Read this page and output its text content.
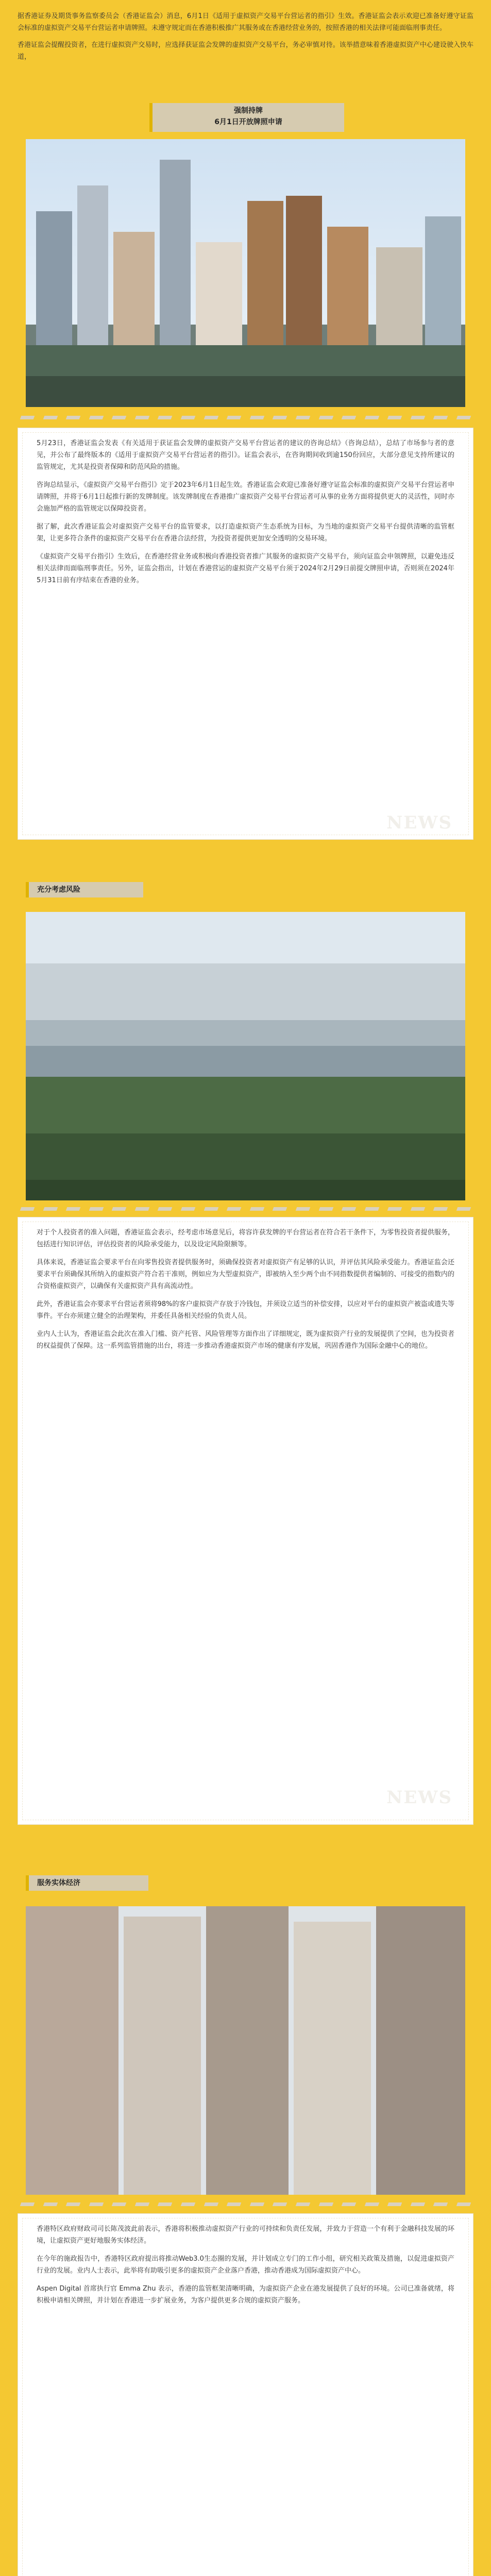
据香港证券及期货事务监察委员会（香港证监会）消息，6月1日《适用于虚拟资产交易平台营运者的指引》生效。香港证监会表示欢迎已准备好遵守证监会标准的虚拟资产交易平台营运者申请牌照。未遵守规定而在香港积极推广其服务或在香港经营业务的，按照香港的相关法律可能面临刑事责任。

香港证监会提醒投资者，在进行虚拟资产交易时，应选择获证监会发牌的虚拟资产交易平台，务必审慎对待。该举措意味着香港虚拟资产中心建设驶入快车道，

强制持牌
6月1日开放牌照申请

5月23日，香港证监会发表《有关适用于获证监会发牌的虚拟资产交易平台营运者的建议的咨询总结》（咨询总结），总结了市场参与者的意见，并公布了最终版本的《适用于虚拟资产交易平台营运者的指引》。证监会表示，在咨询期间收到逾150份回应，大部分意见支持所建议的监管规定，尤其是投资者保障和防范风险的措施。

咨询总结显示，《虚拟资产交易平台指引》定于2023年6月1日起生效。香港证监会欢迎已准备好遵守证监会标准的虚拟资产交易平台营运者申请牌照，并将于6月1日起推行新的发牌制度。该发牌制度在香港推广虚拟资产交易平台营运者可从事的业务方面将提供更大的灵活性，同时亦会施加严格的监管规定以保障投资者。

据了解，此次香港证监会对虚拟资产交易平台的监管要求，以打造虚拟资产生态系统为目标，为当地的虚拟资产交易平台提供清晰的监管框架，让更多符合条件的虚拟资产交易平台在香港合法经营，为投资者提供更加安全透明的交易环境。

《虚拟资产交易平台指引》生效后，在香港经营业务或积极向香港投资者推广其服务的虚拟资产交易平台，须向证监会申领牌照，以避免违反相关法律而面临刑事责任。另外，证监会指出，计划在香港营运的虚拟资产交易平台须于2024年2月29日前提交牌照申请，否则须在2024年5月31日前有序结束在香港的业务。

NEWS
充分考虑风险

对于个人投资者的准入问题，香港证监会表示，经考虑市场意见后，将容许获发牌的平台营运者在符合若干条件下，为零售投资者提供服务，包括进行知识评估，评估投资者的风险承受能力，以及设定风险限额等。

具体来说，香港证监会要求平台在向零售投资者提供服务时，须确保投资者对虚拟资产有足够的认识，并评估其风险承受能力。香港证监会还要求平台须确保其所纳入的虚拟资产符合若干准则，例如应为大型虚拟资产，即被纳入至少两个由不同指数提供者编制的、可接受的指数内的合资格虚拟资产，以确保有关虚拟资产具有高流动性。

此外，香港证监会亦要求平台营运者须将98%的客户虚拟资产存放于冷钱包，并须设立适当的补偿安排，以应对平台的虚拟资产被盗或遗失等事件。平台亦须建立健全的治理架构，并委任具备相关经验的负责人员。

业内人士认为，香港证监会此次在准入门槛、资产托管、风险管理等方面作出了详细规定，既为虚拟资产行业的发展提供了空间，也为投资者的权益提供了保障。这一系列监管措施的出台，将进一步推动香港虚拟资产市场的健康有序发展，巩固香港作为国际金融中心的地位。

NEWS
服务实体经济

香港特区政府财政司司长陈茂波此前表示，香港将积极推动虚拟资产行业的可持续和负责任发展，并致力于营造一个有利于金融科技发展的环境，让虚拟资产更好地服务实体经济。

在今年的施政报告中，香港特区政府提出将推动Web3.0生态圈的发展，并计划成立专门的工作小组，研究相关政策及措施，以促进虚拟资产行业的发展。业内人士表示，此举将有助吸引更多的虚拟资产企业落户香港，推动香港成为国际虚拟资产中心。

Aspen Digital 首席执行官 Emma Zhu 表示，香港的监管框架清晰明确，为虚拟资产企业在港发展提供了良好的环境。公司已准备就绪，将积极申请相关牌照，并计划在香港进一步扩展业务，为客户提供更多合规的虚拟资产服务。
